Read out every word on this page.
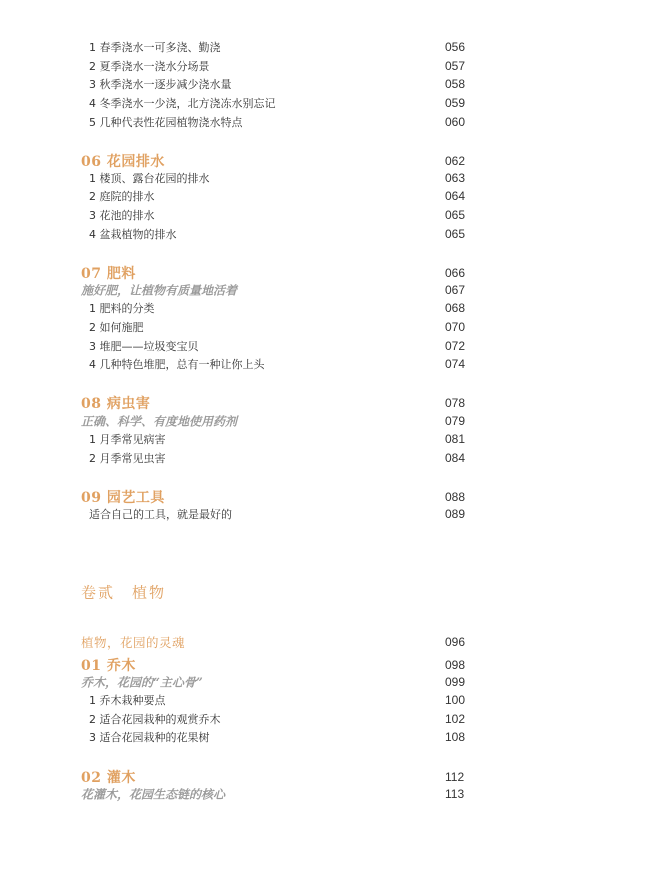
1 春季浇水一可多浇、勤浇	056
2 夏季浇水一浇水分场景	057
3 秋季浇水一逐步减少浇水量	058
4 冬季浇水一少浇，北方浇冻水别忘记	059
5 几种代表性花园植物浇水特点	060
06 花园排水	062
1 楼顶、露台花园的排水	063
2 庭院的排水	064
3 花池的排水	065
4 盆栽植物的排水	065
07 肥料	066
施好肥，让植物有质量地活着	067
1 肥料的分类	068
2 如何施肥	070
3 堆肥——垃圾变宝贝	072
4 几种特色堆肥，总有一种让你上头	074
08 病虫害	078
正确、科学、有度地使用药剂	079
1 月季常见病害	081
2 月季常见虫害	084
09 园艺工具	088
适合自己的工具，就是最好的	089
卷贰　植物
植物，花园的灵魂	096
01 乔木	098
乔木，花园的“主心骨”	099
1 乔木栽种要点	100
2 适合花园栽种的观赏乔木	102
3 适合花园栽种的花果树	108
02 灌木	112
花灌木，花园生态链的核心	113
